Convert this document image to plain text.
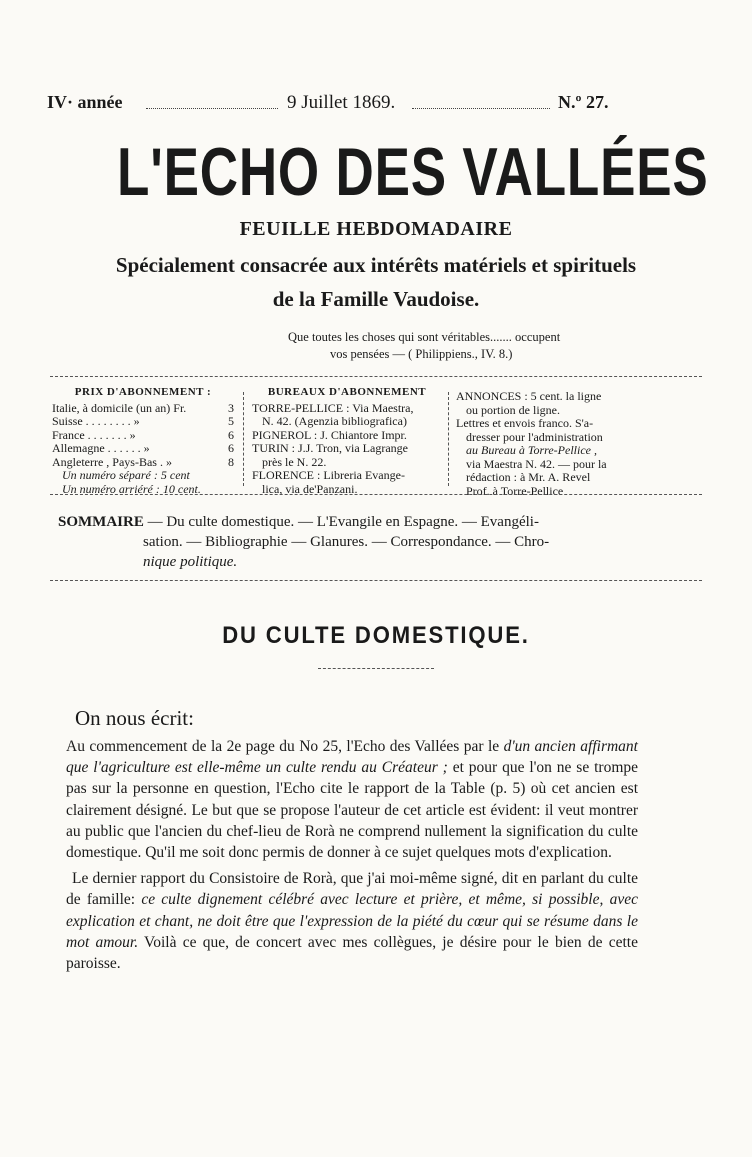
IV· année	9 Juillet 1869.	N.º 27.
L'ECHO DES VALLÉES
FEUILLE HEBDOMADAIRE
Spécialement consacrée aux intérêts matériels et spirituels
de la Famille Vaudoise.
Que toutes les choses qui sont véritables....... occupent
vos pensées — ( Philippiens., IV. 8.)
PRIX D'ABONNEMENT :
Italie, à domicile (un an) Fr.	3
Suisse . . . . . . . . »	5
France . . . . . . . »	6
Allemagne . . . . . . »	6
Angleterre , Pays-Bas . »	8
Un numéro séparé : 5 cent
Un numéro arriéré : 10 cent.
BUREAUX D'ABONNEMENT
TORRE-PELLICE : Via Maestra,
N. 42. (Agenzia bibliografica)
PIGNEROL : J. Chiantore Impr.
TURIN : J.J. Tron, via Lagrange
près le N. 22.
FLORENCE : Libreria Evange-
lica, via de'Panzani.
ANNONCES : 5 cent. la ligne
ou portion de ligne.
Lettres et envois franco. S'a-
dresser pour l'administration
au Bureau à Torre-Pellice ,
via Maestra N. 42. — pour la
rédaction : à Mr. A. Revel
Prof. à Torre-Pellice
SOMMAIRE — Du culte domestique. — L'Evangile en Espagne. — Evangéli-
sation. — Bibliographie — Glanures. — Correspondance. — Chro-
nique politique.
DU CULTE DOMESTIQUE.
On nous écrit:

Au commencement de la 2e page du No 25, l'Echo des Vallées par le d'un ancien affirmant que l'agriculture est elle-même un culte rendu au Créateur ; et pour que l'on ne se trompe pas sur la personne en question, l'Echo cite le rapport de la Table (p. 5) où cet ancien est clairement désigné. Le but que se propose l'auteur de cet article est évident: il veut montrer au public que l'ancien du chef-lieu de Rorà ne comprend nullement la signification du culte domestique. Qu'il me soit donc permis de donner à ce sujet quelques mots d'explication.

Le dernier rapport du Consistoire de Rorà, que j'ai moi-même signé, dit en parlant du culte de famille: ce culte dignement célébré avec lecture et prière, et même, si possible, avec explication et chant, ne doit être que l'expression de la piété du cœur qui se résume dans le mot amour. Voilà ce que, de concert avec mes collègues, je désire pour le bien de cette paroisse.
